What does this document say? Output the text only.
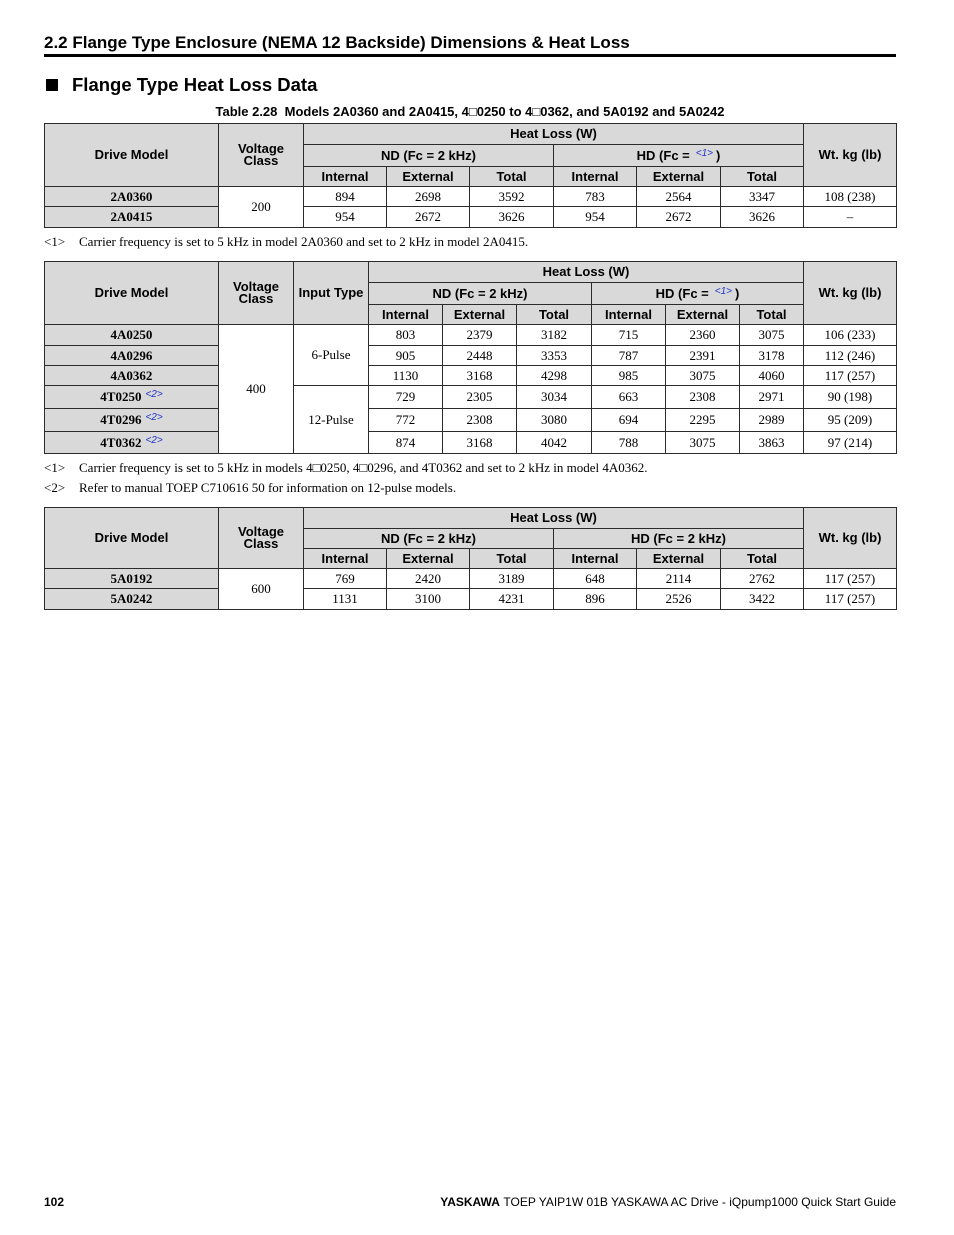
2.2 Flange Type Enclosure (NEMA 12 Backside) Dimensions & Heat Loss
Flange Type Heat Loss Data
Table 2.28  Models 2A0360 and 2A0415, 4□0250 to 4□0362, and 5A0192 and 5A0242
Drive Model	Voltage Class	Heat Loss (W)						Wt. kg (lb)
		ND (Fc = 2 kHz)			HD (Fc = $^{<1>}$ )			
		Internal	External	Total	Internal	External	Total	
2A0360	200	894	2698	3592	783	2564	3347	108 (238)
2A0415		954	2672	3626	954	2672	3626	–
<1> Carrier frequency is set to 5 kHz in model 2A0360 and set to 2 kHz in model 2A0415.
Drive Model	Voltage Class	Input Type	Heat Loss (W)						Wt. kg (lb)
			ND (Fc = 2 kHz)			HD (Fc = $^{<1>}$ )			
			Internal	External	Total	Internal	External	Total	
4A0250	400	6-Pulse	803	2379	3182	715	2360	3075	106 (233)
4A0296			905	2448	3353	787	2391	3178	112 (246)
4A0362			1130	3168	4298	985	3075	4060	117 (257)
4T0250 $^{<2>}$		12-Pulse	729	2305	3034	663	2308	2971	90 (198)
4T0296 $^{<2>}$			772	2308	3080	694	2295	2989	95 (209)
4T0362 $^{<2>}$			874	3168	4042	788	3075	3863	97 (214)
<1> Carrier frequency is set to 5 kHz in models 4□0250, 4□0296, and 4T0362 and set to 2 kHz in model 4A0362.
<2> Refer to manual TOEP C710616 50 for information on 12-pulse models.
Drive Model	Voltage Class	Heat Loss (W)						Wt. kg (lb)
		ND (Fc = 2 kHz)			HD (Fc = 2 kHz)			
		Internal	External	Total	Internal	External	Total	
5A0192	600	769	2420	3189	648	2114	2762	117 (257)
5A0242		1131	3100	4231	896	2526	3422	117 (257)
102	YASKAWA TOEP YAIP1W 01B YASKAWA AC Drive - iQpump1000 Quick Start Guide
